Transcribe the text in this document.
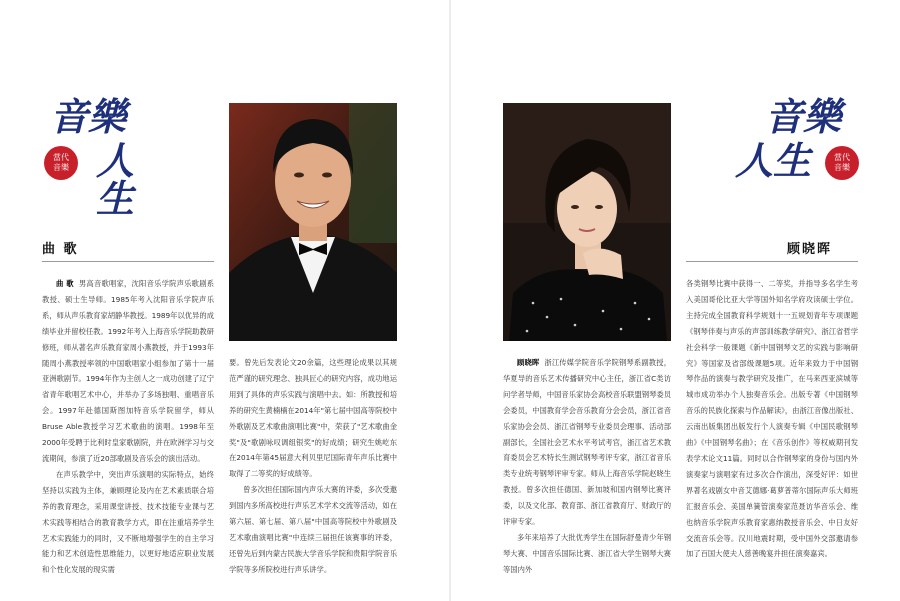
音樂
人生
當代音樂
曲 歌

曲 歌 男高音歌唱家，沈阳音乐学院声乐歌剧系教授、硕士生导师。1985年考入沈阳音乐学院声乐系，师从声乐教育家胡静华教授。1989年以优异的成绩毕业并留校任教。1992年考入上海音乐学院助教研修班，师从著名声乐教育家周小燕教授，并于1993年随周小燕教授率领的中国歌唱家小组参加了第十一届亚洲歌剧节。1994年作为主创人之一成功创建了辽宁省青年歌唱艺术中心，并举办了多场独唱、重唱音乐会。1997年赴德国斯图加特音乐学院留学，师从Bruse Able教授学习艺术歌曲的演唱。1998年至2000年受聘于比利时皇家歌剧院，并在欧洲学习与交流期间，参演了近20部歌剧及音乐会的演出活动。

在声乐教学中，突出声乐演唱的实际特点，始终坚持以实践为主体，兼顾理论及内在艺术素质联合培养的教育理念，采用课堂讲授、技术技能专业课与艺术实践等相结合的教育教学方式，即在注重培养学生艺术实践能力的同时，又不断地增强学生的自主学习能力和艺术创造性思维能力，以更好地适应职业发展和个性化发展的现实需

要。曾先后发表论文20余篇，这些理论成果以其规范严谨的研究理念、独具匠心的研究内容，成功地运用到了具体的声乐实践与演唱中去。如：所教授和培养的研究生黄楠楠在2014年"第七届中国高等院校中外歌剧及艺术歌曲演唱比赛"中，荣获了"艺术歌曲金奖"及"歌剧咏叹调组银奖"的好成绩；研究生姚屹东在2014年第45届意大利贝里尼国际青年声乐比赛中取得了二等奖的好成绩等。

曾多次担任国际国内声乐大赛的评委，多次受邀到国内多所高校进行声乐艺术学术交流等活动，如在第六届、第七届、第八届"中国高等院校中外歌剧及艺术歌曲演唱比赛"中连续三届担任该赛事的评委，还曾先后到内蒙古民族大学音乐学院和贵阳学院音乐学院等多所院校进行声乐讲学。

音樂
人生	當代音樂
顾晓晖

顾晓晖 浙江传媒学院音乐学院钢琴系副教授，华夏导的音乐艺术传播研究中心主任，浙江省C类访问学者导师，中国音乐家协会高校音乐联盟钢琴委员会委员，中国教育学会音乐教育分会会员，浙江省音乐家协会会员、浙江省钢琴专业委员会理事、活动部副部长，全国社会艺术水平考试考官，浙江省艺术教育委员会艺术特长生测试钢琴考评专家，浙江省音乐类专业统考钢琴评审专家。师从上海音乐学院赵晓生教授。曾多次担任德国、新加坡和国内钢琴比赛评委，以及文化部、教育部、浙江省教育厅、财政厅的评审专家。

多年来培养了大批优秀学生在国际舒曼青少年钢琴大赛、中国音乐国际比赛、浙江省大学生钢琴大赛等国内外

各类钢琴比赛中获得一、二等奖，并指导多名学生考入美国哥伦比亚大学等国外知名学府攻读硕士学位。主持完成全国教育科学规划十一五规划青年专项课题《钢琴伴奏与声乐的声部训练教学研究》、浙江省哲学社会科学一般课题《新中国钢琴文艺的实践与影响研究》等国家及省部级课题5项。近年来致力于中国钢琴作品的演奏与教学研究及推广，在马来西亚滨城等城市成功举办个人独奏音乐会。出版专著《中国钢琴音乐的民族化探索与作品解读》，由浙江音像出版社、云南出版集团出版发行个人演奏专辑《中国民歌钢琴曲》《中国钢琴名曲》；在《音乐创作》等权威期刊发表学术论文11篇。同时以合作钢琴家的身份与国内外演奏家与演唱家有过多次合作演出，深受好评：如世界著名戏剧女中音艾德娜·葛萝普蒂尔国际声乐大师班汇报音乐会、美国单簧管演奏家范聂访华音乐会、维也纳音乐学院声乐教育家惠纳教授音乐会、中日友好交流音乐会等。汉川地震时期，受中国外交部邀请参加了百国大使夫人慈善晚宴并担任演奏嘉宾。
